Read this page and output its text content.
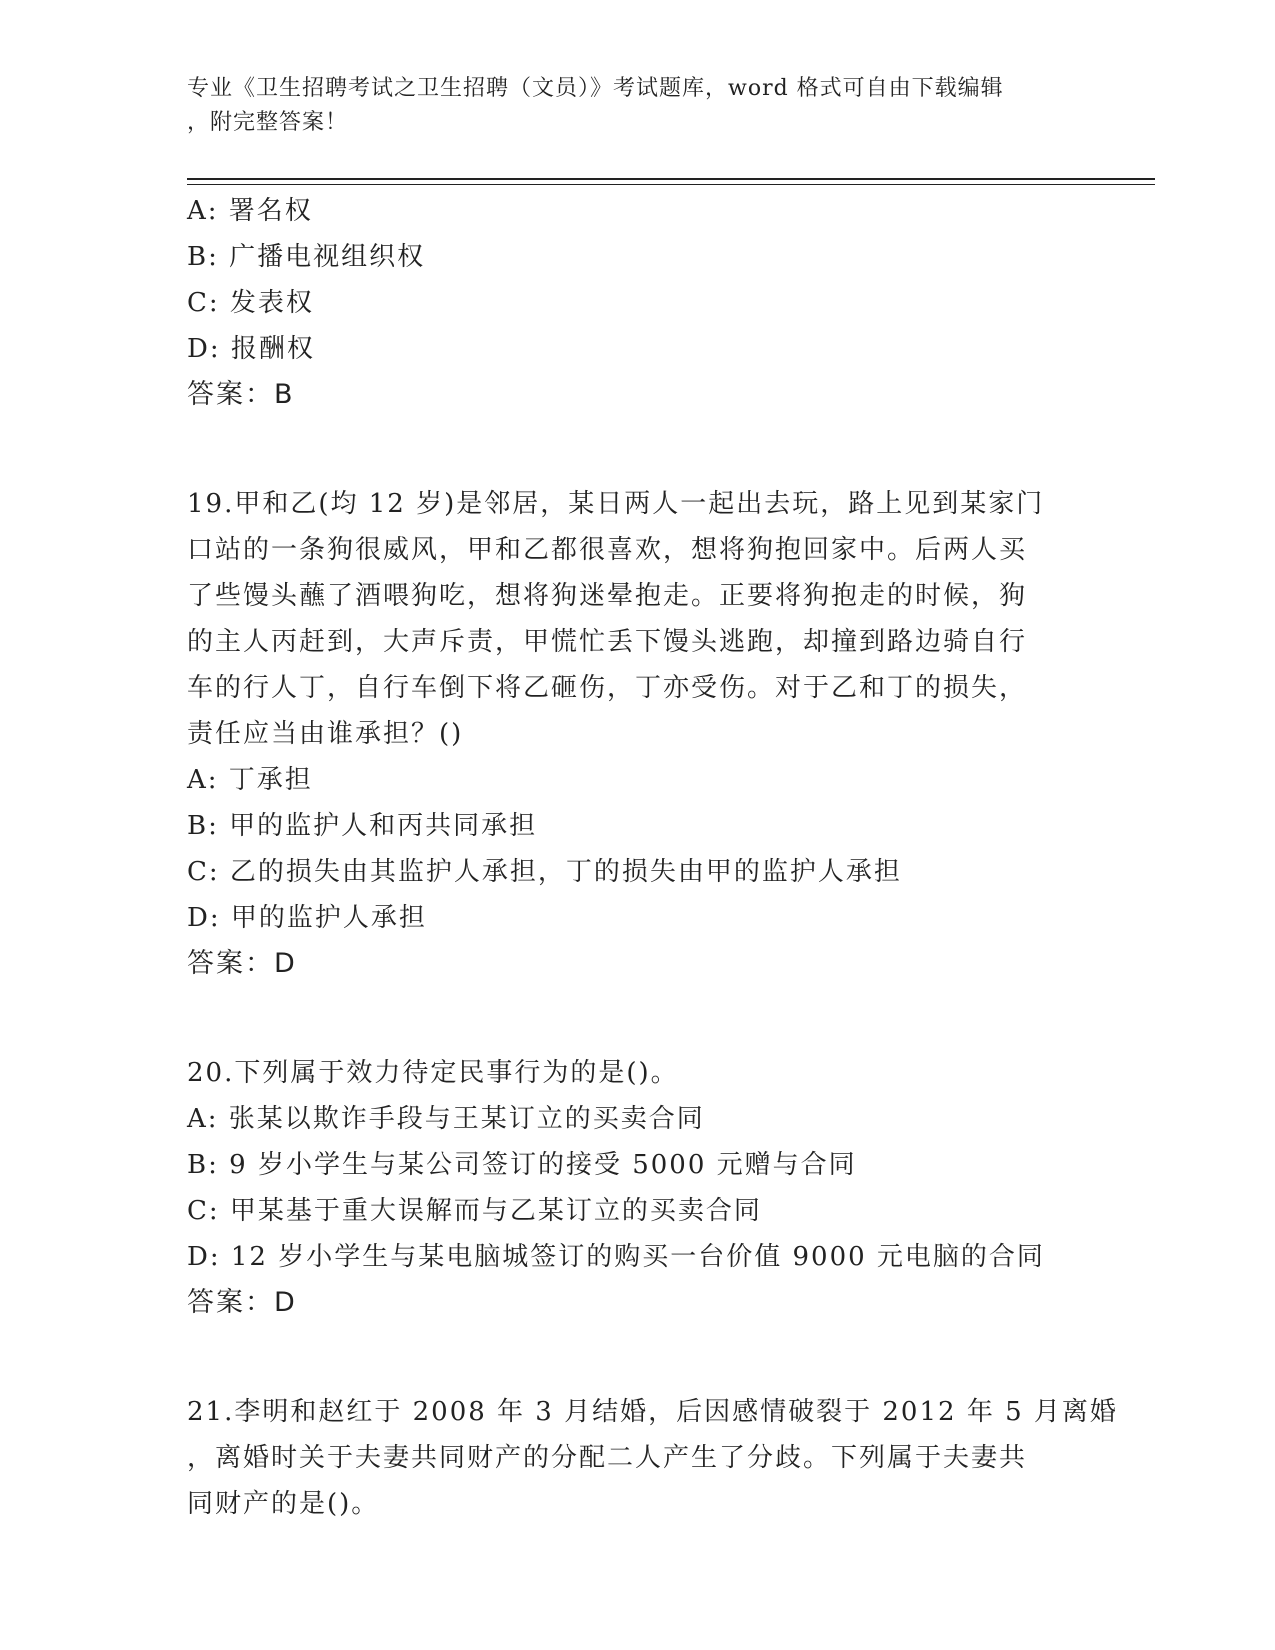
专业《卫生招聘考试之卫生招聘（文员）》考试题库，word 格式可自由下载编辑
，附完整答案！
A: 署名权
B: 广播电视组织权
C: 发表权
D: 报酬权
答案：B
19.甲和乙(均 12 岁)是邻居，某日两人一起出去玩，路上见到某家门
口站的一条狗很威风，甲和乙都很喜欢，想将狗抱回家中。后两人买
了些馒头蘸了酒喂狗吃，想将狗迷晕抱走。正要将狗抱走的时候，狗
的主人丙赶到，大声斥责，甲慌忙丢下馒头逃跑，却撞到路边骑自行
车的行人丁，自行车倒下将乙砸伤，丁亦受伤。对于乙和丁的损失，
责任应当由谁承担？()
A: 丁承担
B: 甲的监护人和丙共同承担
C: 乙的损失由其监护人承担，丁的损失由甲的监护人承担
D: 甲的监护人承担
答案：D
20.下列属于效力待定民事行为的是()。
A: 张某以欺诈手段与王某订立的买卖合同
B: 9 岁小学生与某公司签订的接受 5000 元赠与合同
C: 甲某基于重大误解而与乙某订立的买卖合同
D: 12 岁小学生与某电脑城签订的购买一台价值 9000 元电脑的合同
答案：D
21.李明和赵红于 2008 年 3 月结婚，后因感情破裂于 2012 年 5 月离婚
，离婚时关于夫妻共同财产的分配二人产生了分歧。下列属于夫妻共
同财产的是()。
